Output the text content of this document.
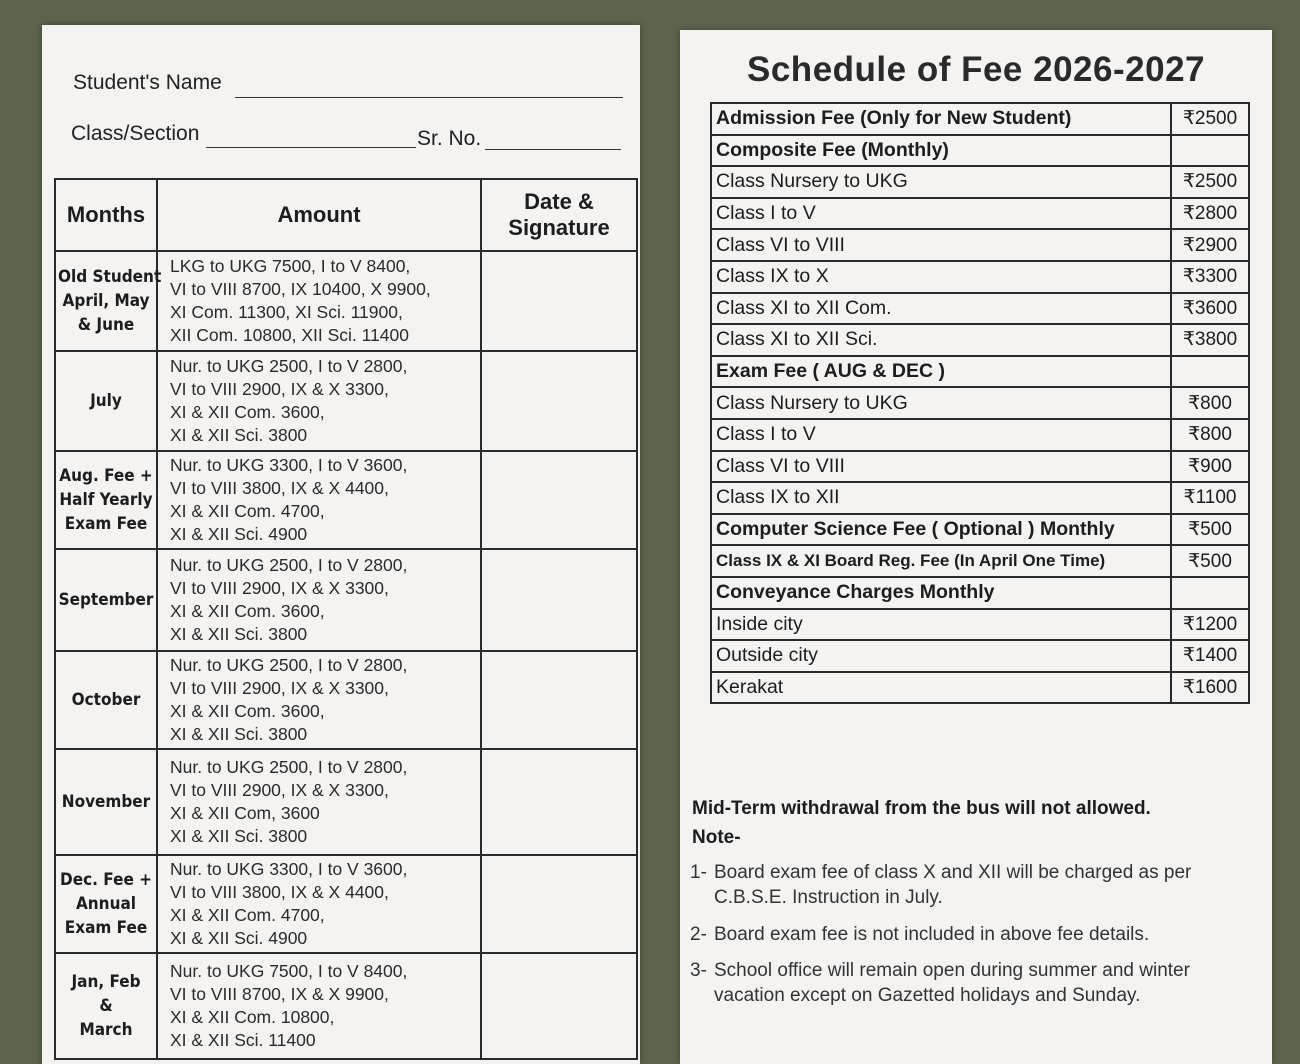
Student's Name
Class/Section	Sr. No.
Months	Amount	Date &
Signature

Old Student
April, May
& June	LKG to UKG 7500, I to V 8400,
VI to VIII 8700, IX 10400, X 9900,
XI Com. 11300, XI Sci. 11900,
XII Com. 10800, XII Sci. 11400	

July	Nur. to UKG 2500, I to V 2800,
VI to VIII 2900, IX & X 3300,
XI & XII Com. 3600,
XI & XII Sci. 3800	

Aug. Fee +
Half Yearly
Exam Fee	Nur. to UKG 3300, I to V 3600,
VI to VIII 3800, IX & X 4400,
XI & XII Com. 4700,
XI & XII Sci. 4900	

September	Nur. to UKG 2500, I to V 2800,
VI to VIII 2900, IX & X 3300,
XI & XII Com. 3600,
XI & XII Sci. 3800	

October	Nur. to UKG 2500, I to V 2800,
VI to VIII 2900, IX & X 3300,
XI & XII Com. 3600,
XI & XII Sci. 3800	

November	Nur. to UKG 2500, I to V 2800,
VI to VIII 2900, IX & X 3300,
XI & XII Com, 3600
XI & XII Sci. 3800	

Dec. Fee +
Annual
Exam Fee	Nur. to UKG 3300, I to V 3600,
VI to VIII 3800, IX & X 4400,
XI & XII Com. 4700,
XI & XII Sci. 4900	

Jan, Feb
&
March	Nur. to UKG 7500, I to V 8400,
VI to VIII 8700, IX & X 9900,
XI & XII Com. 10800,
XI & XII Sci. 11400	

Schedule of Fee 2026-2027
Admission Fee (Only for New Student)	₹2500
Composite Fee (Monthly)	
Class Nursery to UKG	₹2500
Class I to V	₹2800
Class VI to VIII	₹2900
Class IX to X	₹3300
Class XI to XII Com.	₹3600
Class XI to XII Sci.	₹3800
Exam Fee ( AUG & DEC )	
Class Nursery to UKG	₹800
Class I to V	₹800
Class VI to VIII	₹900
Class IX to XII	₹1100
Computer Science Fee ( Optional ) Monthly	₹500
Class IX & XI Board Reg. Fee (In April One Time)	₹500
Conveyance Charges Monthly	
Inside city	₹1200
Outside city	₹1400
Kerakat	₹1600
Mid-Term withdrawal from the bus will not allowed.
Note-
1- Board exam fee of class X and XII will be charged as per
C.B.S.E. Instruction in July.
2- Board exam fee is not included in above fee details.
3- School office will remain open during summer and winter
vacation except on Gazetted holidays and Sunday.
